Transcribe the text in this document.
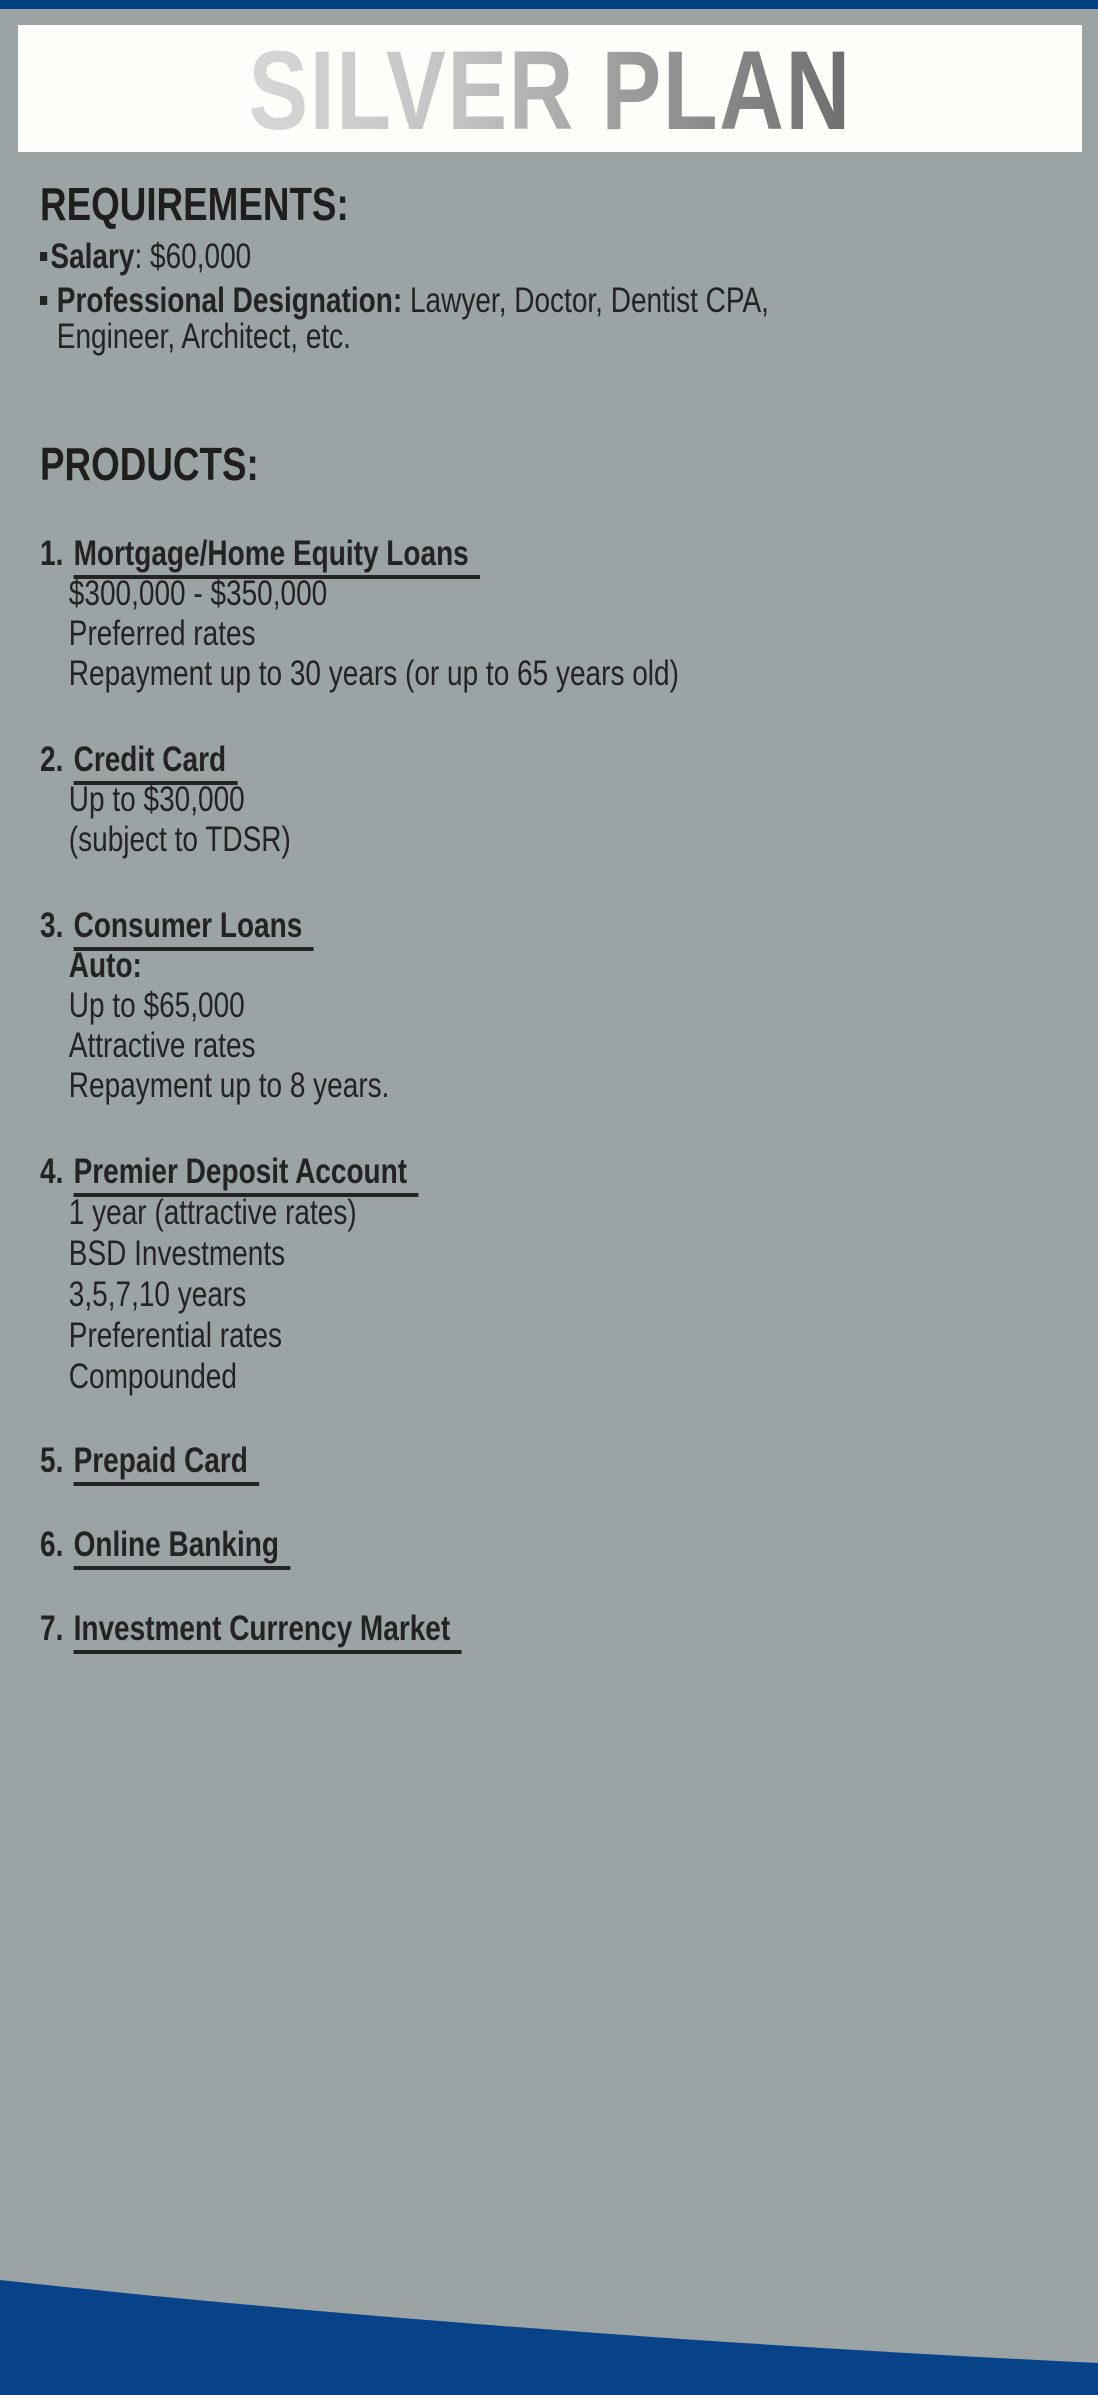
SILVER PLAN
REQUIREMENTS:
Salary: $60,000
Professional Designation: Lawyer, Doctor, Dentist CPA,
Engineer, Architect, etc.
PRODUCTS:
1. Mortgage/Home Equity Loans
$300,000 - $350,000
Preferred rates
Repayment up to 30 years (or up to 65 years old)
2. Credit Card
Up to $30,000
(subject to TDSR)
3. Consumer Loans
Auto:
Up to $65,000
Attractive rates
Repayment up to 8 years.
4. Premier Deposit Account
1 year (attractive rates)
BSD Investments
3,5,7,10 years
Preferential rates
Compounded
5. Prepaid Card
6. Online Banking
7. Investment Currency Market
